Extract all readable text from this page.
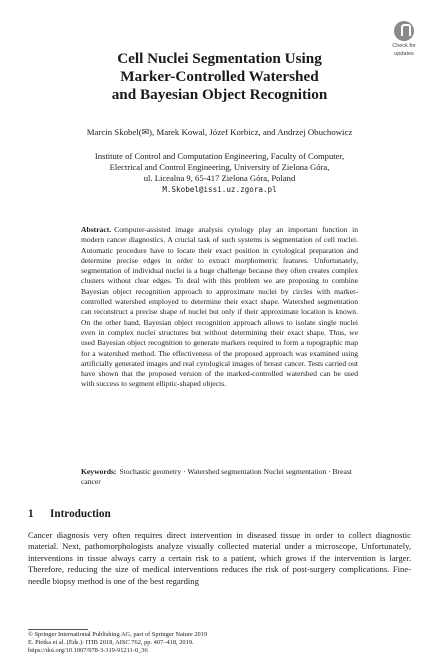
Check for
updates
Cell Nuclei Segmentation Using
Marker-Controlled Watershed
and Bayesian Object Recognition
Marcin Skobel(✉), Marek Kowal, Józef Korbicz, and Andrzej Obuchowicz
Institute of Control and Computation Engineering, Faculty of Computer,
Electrical and Control Engineering, University of Zielona Góra,
ul. Licealna 9, 65-417 Zielona Góra, Poland
M.Skobel@issi.uz.zgora.pl
Abstract. Computer-assisted image analysis cytology play an important function in modern cancer diagnostics. A crucial task of such systems is segmentation of cell nuclei. Automatic procedure have to locate their exact position in cytological preparation and determine precise edges in order to extract morphometric features. Unfortunately, segmentation of individual nuclei is a huge challenge because they often creates complex clusters without clear edges. To deal with this problem we are proposing to combine Bayesian object recognition approach to approximate nuclei by circles with marker-controlled watershed employed to determine their exact shape. Watershed segmentation can reconstruct a precise shape of nuclei but only if their approximate location is known. On the other hand, Bayesian object recognition approach allows to isolate single nuclei even in complex nuclei structures but without determining their exact shape. Thus, we used Bayesian object recognition to generate markers required to form a topographic map for a watershed method. The effectiveness of the proposed approach was examined using artificially generated images and real cytological images of breast cancer. Tests carried out have shown that the proposed version of the marked-controlled watershed can be used with success to segment elliptic-shaped objects.
Keywords: Stochastic geometry · Watershed segmentation Nuclei segmentation · Breast cancer
1 Introduction
Cancer diagnosis very often requires direct intervention in diseased tissue in order to collect diagnostic material. Next, pathomorphologists analyze visually collected material under a microscope, Unfortunately, interventions in tissue always carry a certain risk to a patient, which grows if the intervention is larger. Therefore, reducing the size of medical interventions reduces the risk of post-surgery complications. Fine-needle biopsy method is one of the best regarding
© Springer International Publishing AG, part of Springer Nature 2019
E. Pietka et al. (Eds.): ITIB 2018, AISC 762, pp. 407–418, 2019.
https://doi.org/10.1007/978-3-319-91211-0_36
